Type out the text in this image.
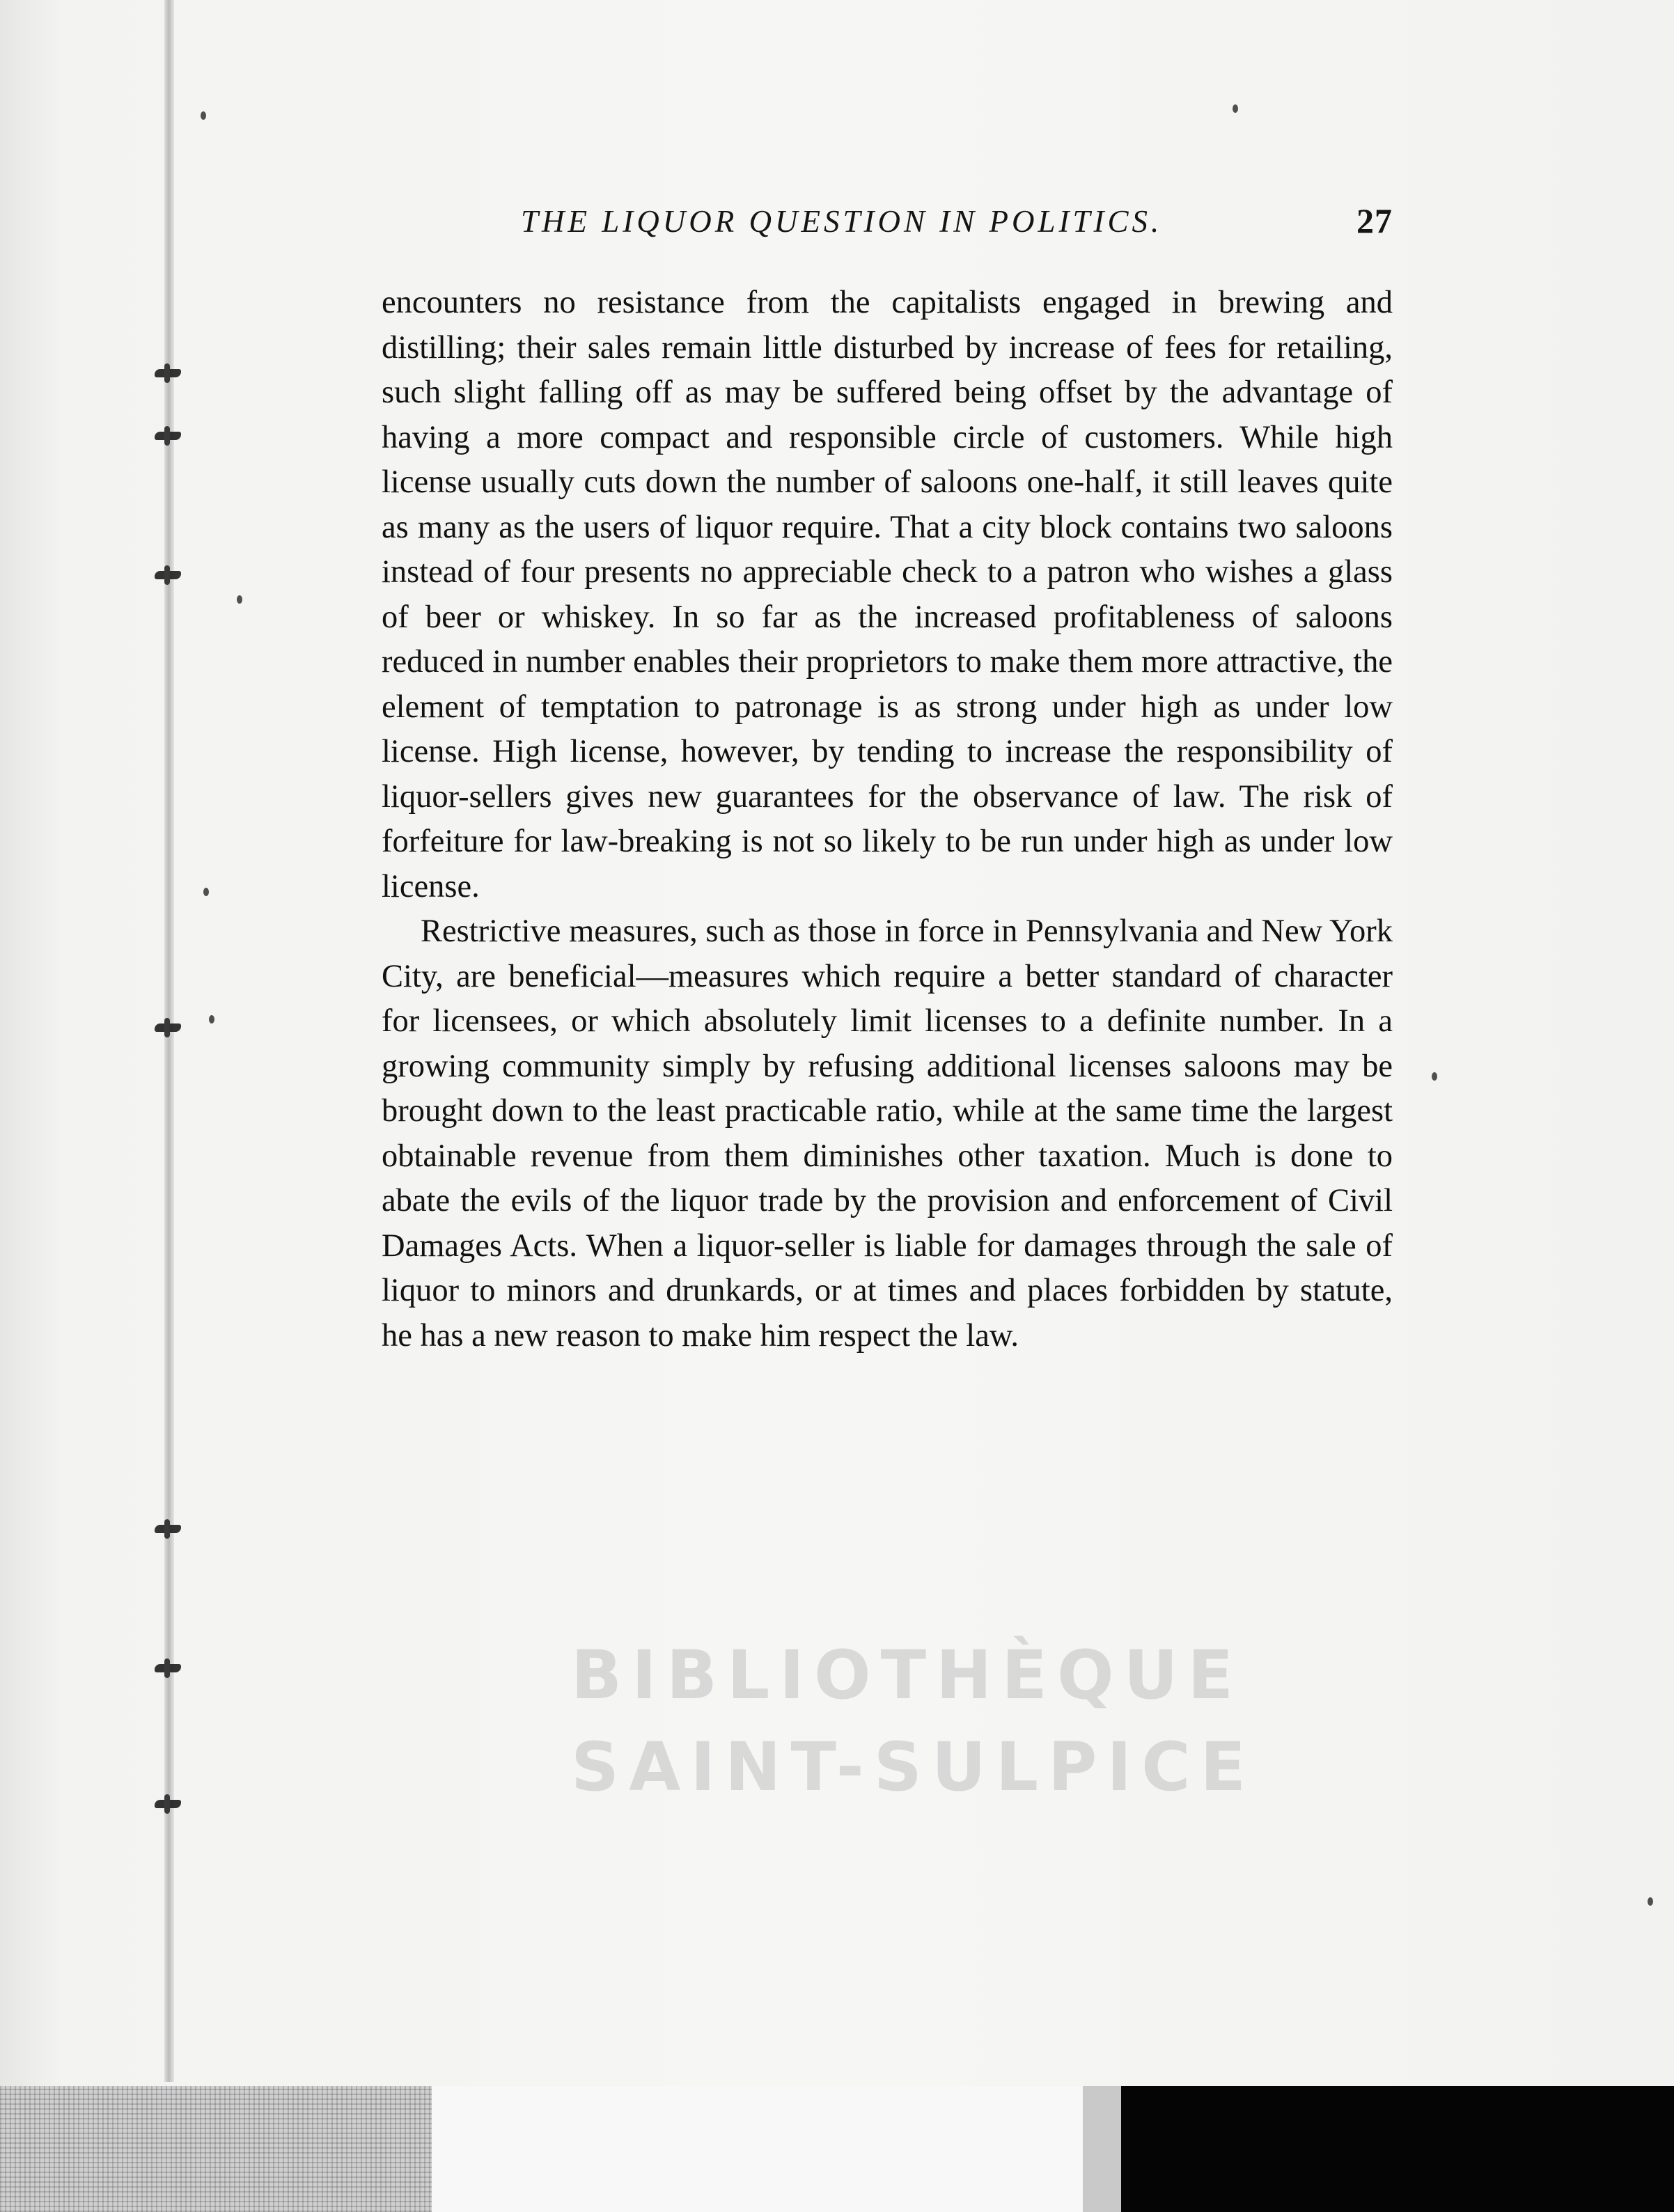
THE LIQUOR QUESTION IN POLITICS.	27

encounters no resistance from the capitalists engaged in brewing and distilling; their sales remain little disturbed by increase of fees for retailing, such slight falling off as may be suffered being offset by the advantage of having a more compact and responsible circle of customers. While high license usually cuts down the number of saloons one-half, it still leaves quite as many as the users of liquor require. That a city block contains two saloons instead of four presents no appreciable check to a patron who wishes a glass of beer or whiskey. In so far as the increased profitableness of saloons reduced in number enables their proprietors to make them more attractive, the element of temptation to patronage is as strong under high as under low license. High license, however, by tending to increase the responsibility of liquor-sellers gives new guarantees for the observance of law. The risk of forfeiture for law-breaking is not so likely to be run under high as under low license.

Restrictive measures, such as those in force in Pennsylvania and New York City, are beneficial—measures which require a better standard of character for licensees, or which absolutely limit licenses to a definite number. In a growing community simply by refusing additional licenses saloons may be brought down to the least practicable ratio, while at the same time the largest obtainable revenue from them diminishes other taxation. Much is done to abate the evils of the liquor trade by the provision and enforcement of Civil Damages Acts. When a liquor-seller is liable for damages through the sale of liquor to minors and drunkards, or at times and places forbidden by statute, he has a new reason to make him respect the law.

BIBLIOTHÈQUE
SAINT-SULPICE
